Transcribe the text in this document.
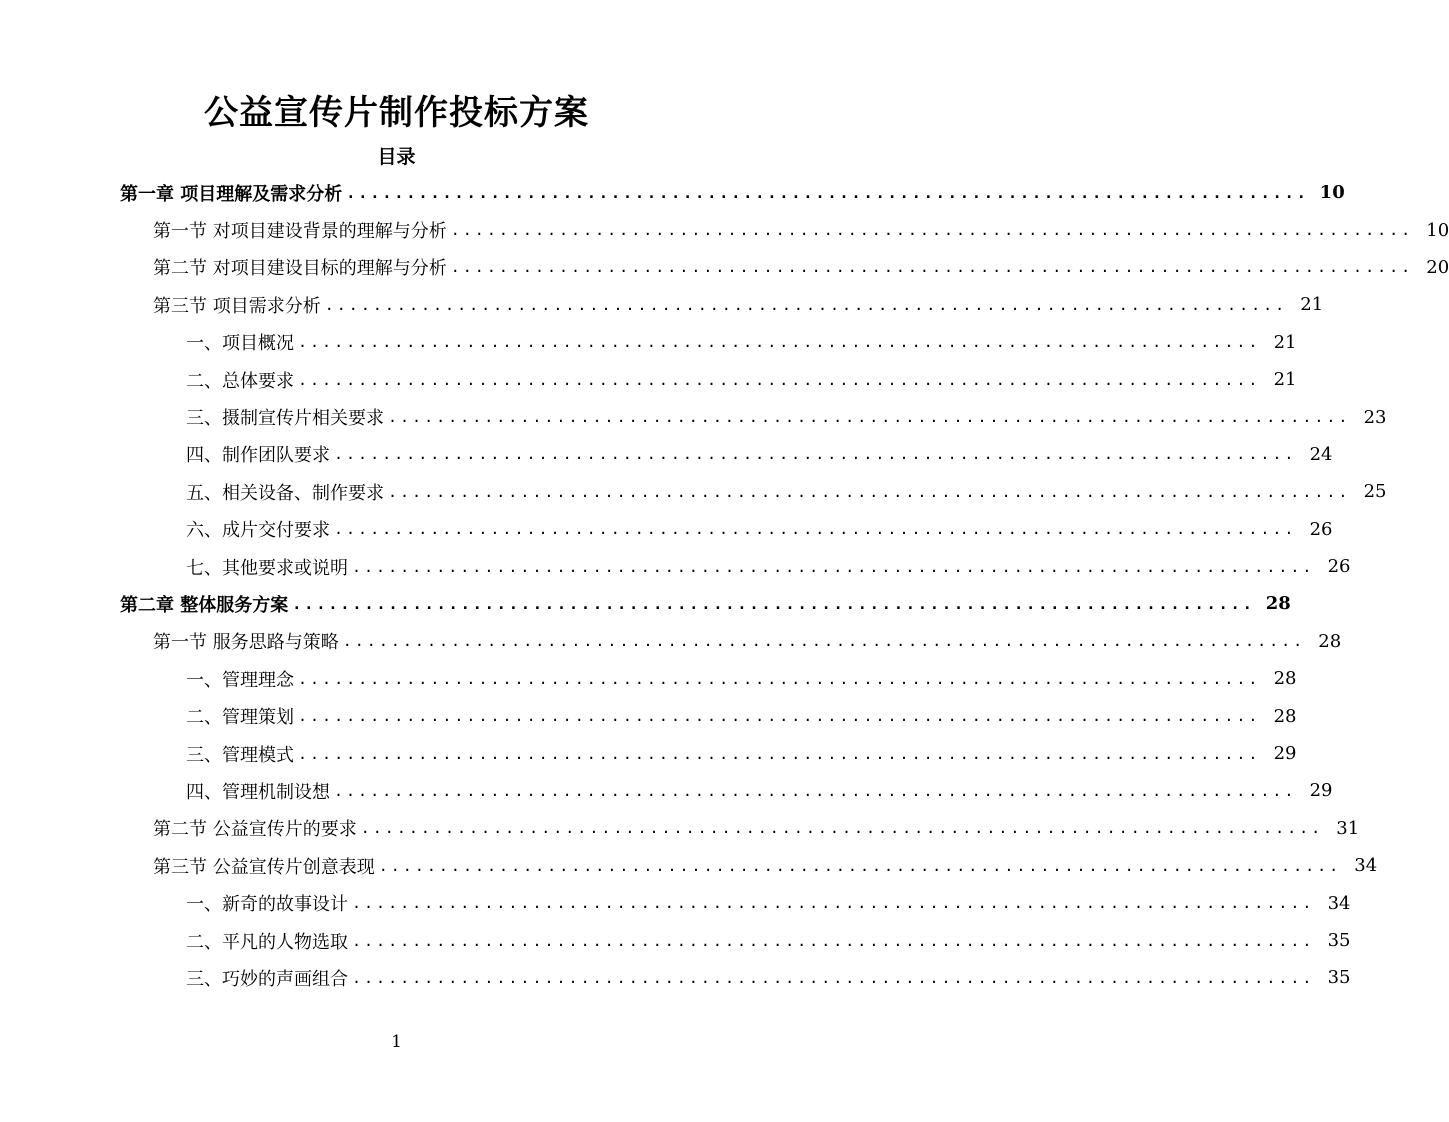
公益宣传片制作投标方案
目录
第一章 项目理解及需求分析 ................................................................................ 10
第一节 对项目建设背景的理解与分析 ................................................................................ 10
第二节 对项目建设目标的理解与分析 ................................................................................ 20
第三节 项目需求分析 ................................................................................ 21
一、项目概况 ................................................................................ 21
二、总体要求 ................................................................................ 21
三、摄制宣传片相关要求 ................................................................................ 23
四、制作团队要求 ................................................................................ 24
五、相关设备、制作要求 ................................................................................ 25
六、成片交付要求 ................................................................................ 26
七、其他要求或说明 ................................................................................ 26
第二章 整体服务方案 ................................................................................ 28
第一节 服务思路与策略 ................................................................................ 28
一、管理理念 ................................................................................ 28
二、管理策划 ................................................................................ 28
三、管理模式 ................................................................................ 29
四、管理机制设想 ................................................................................ 29
第二节 公益宣传片的要求 ................................................................................ 31
第三节 公益宣传片创意表现 ................................................................................ 34
一、新奇的故事设计 ................................................................................ 34
二、平凡的人物选取 ................................................................................ 35
三、巧妙的声画组合 ................................................................................ 35
1
